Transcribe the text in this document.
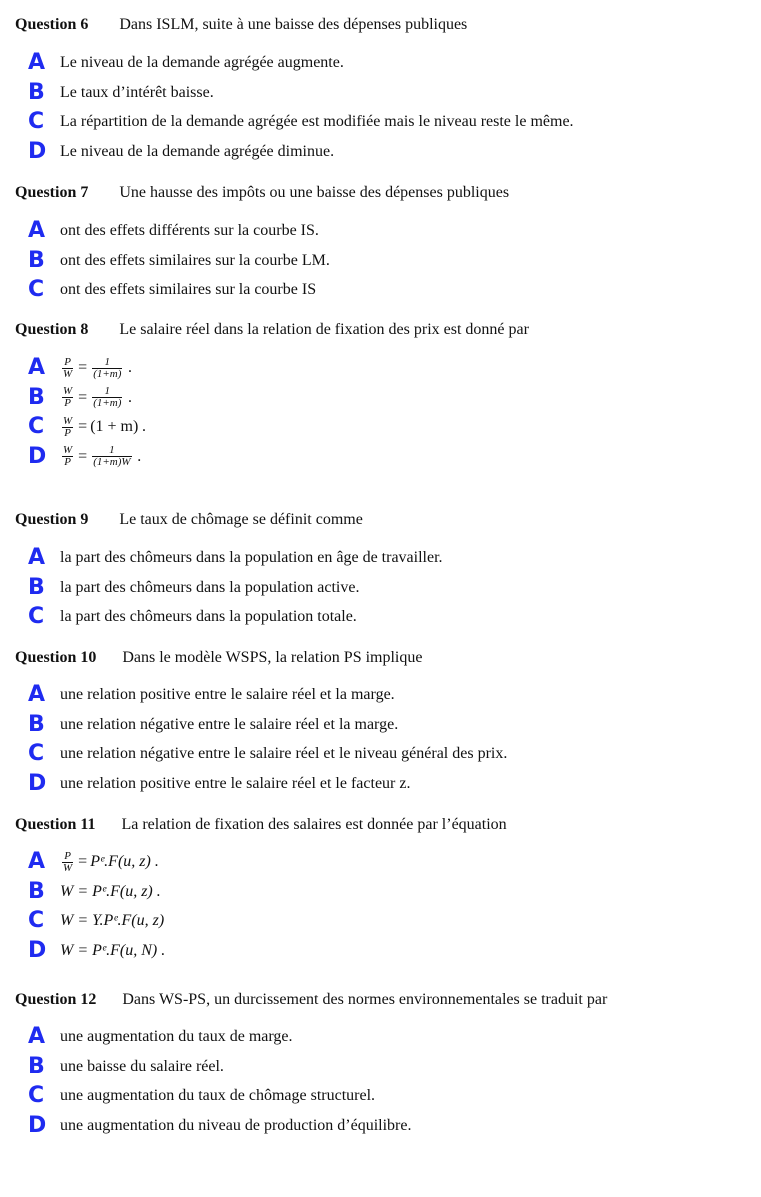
Question 6 Dans ISLM, suite à une baisse des dépenses publiques
A Le niveau de la demande agrégée augmente.
B Le taux d’intérêt baisse.
C La répartition de la demande agrégée est modifiée mais le niveau reste le même.
D Le niveau de la demande agrégée diminue.
Question 7 Une hausse des impôts ou une baisse des dépenses publiques
A ont des effets différents sur la courbe IS.
B ont des effets similaires sur la courbe LM.
C ont des effets similaires sur la courbe IS
Question 8 Le salaire réel dans la relation de fixation des prix est donné par
A	$\frac{P}{W} = \frac{1}{(1+m)}$ .
B	$\frac{W}{P} = \frac{1}{(1+m)}$ .
C	$\frac{W}{P} = (1 + m)$ .
D	$\frac{W}{P} = \frac{1}{(1+m)W}$ .
Question 9 Le taux de chômage se définit comme
A la part des chômeurs dans la population en âge de travailler.
B la part des chômeurs dans la population active.
C la part des chômeurs dans la population totale.
Question 10 Dans le modèle WSPS, la relation PS implique
A une relation positive entre le salaire réel et la marge.
B une relation négative entre le salaire réel et la marge.
C une relation négative entre le salaire réel et le niveau général des prix.
D une relation positive entre le salaire réel et le facteur z.
Question 11 La relation de fixation des salaires est donnée par l’équation
A	$\frac{P}{W}$ = Pᵉ.F(u, z) .
B W = Pᵉ.F(u, z) .
C W = Y.Pᵉ.F(u, z)
D W = Pᵉ.F(u, N) .
Question 12 Dans WS-PS, un durcissement des normes environnementales se traduit par
A une augmentation du taux de marge.
B une baisse du salaire réel.
C une augmentation du taux de chômage structurel.
D une augmentation du niveau de production d’équilibre.
